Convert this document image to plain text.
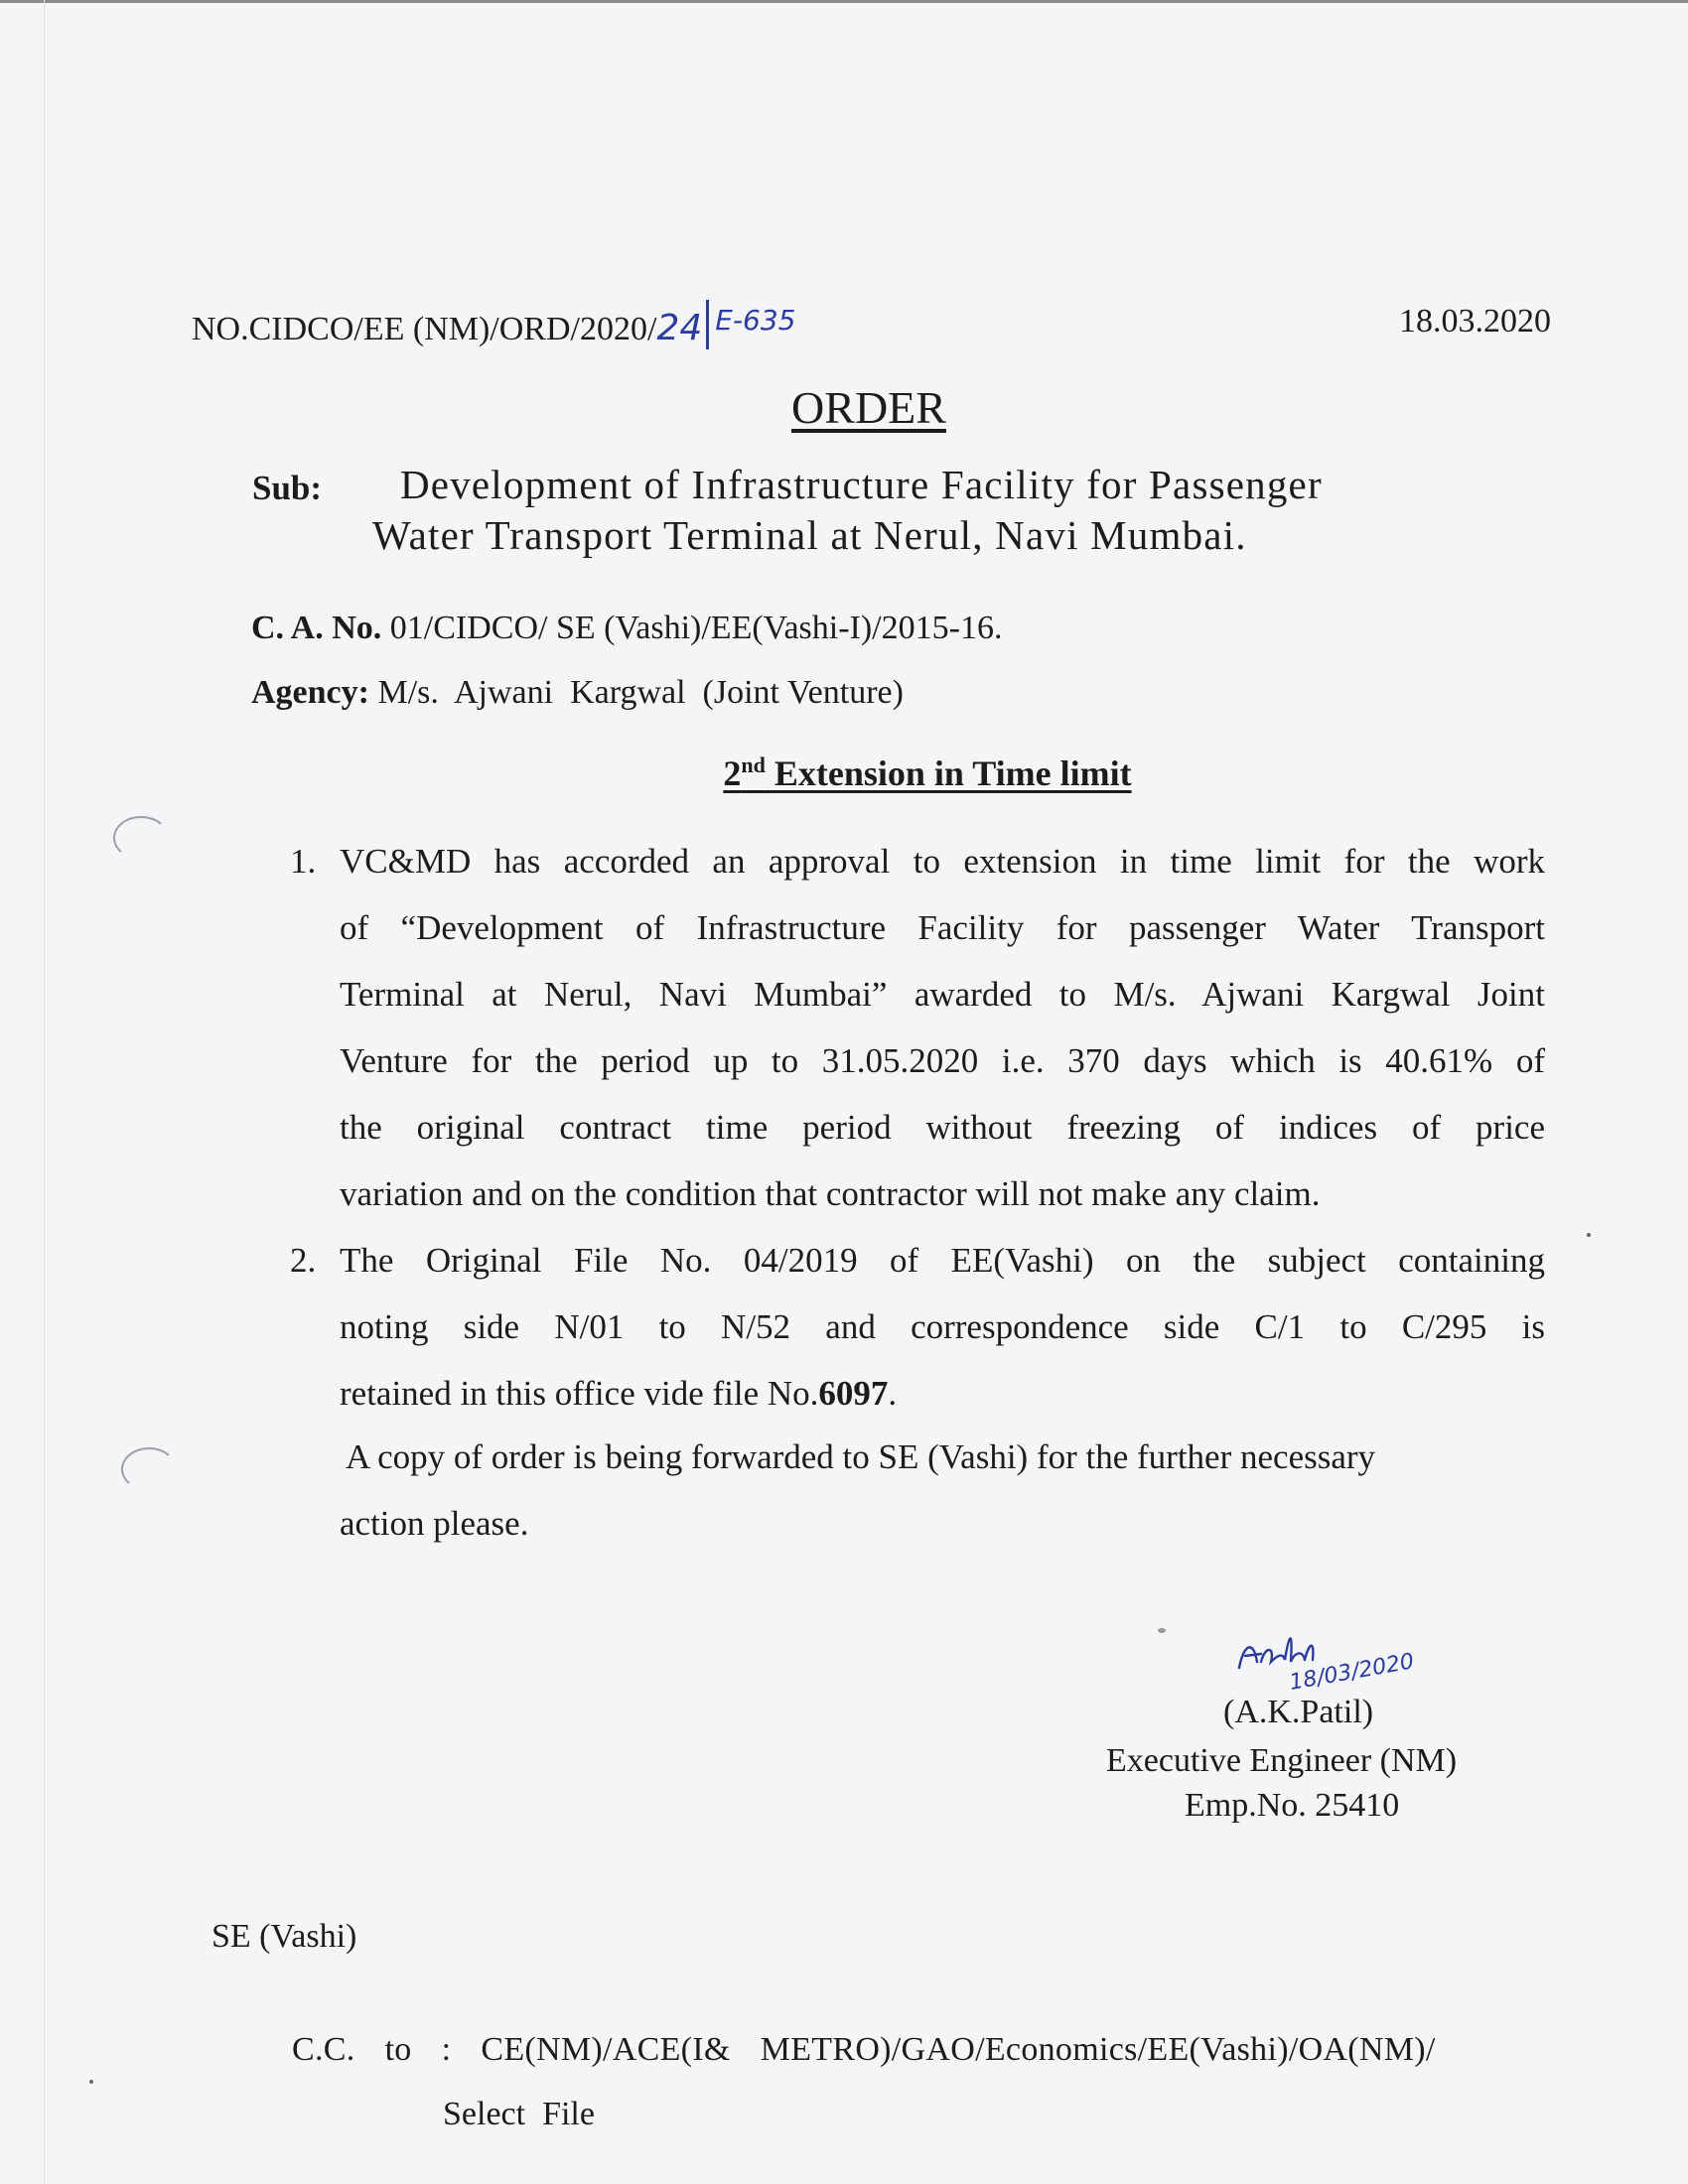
NO.CIDCO/EE (NM)/ORD/2020/24 $^{E-635}$	18.03.2020
ORDER
Sub: Development of Infrastructure Facility for Passenger
Water Transport Terminal at Nerul, Navi Mumbai.
C. A. No. 01/CIDCO/ SE (Vashi)/EE(Vashi-I)/2015-16.
Agency: M/s.  Ajwani  Kargwal  (Joint Venture)
2nd Extension in Time limit
1. VC&MD has accorded an approval to extension in time limit for the work
of “Development of Infrastructure Facility for passenger Water Transport
Terminal at Nerul, Navi Mumbai” awarded to M/s. Ajwani Kargwal Joint
Venture for the period up to 31.05.2020 i.e. 370 days which is 40.61% of
the original contract time period without freezing of indices of price
variation and on the condition that contractor will not make any claim.
2. The Original File No. 04/2019 of EE(Vashi) on the subject containing
noting side N/01 to N/52 and correspondence side C/1 to C/295 is
retained in this office vide file No.6097.
A copy of order is being forwarded to SE (Vashi) for the further necessary
action please.
18/03/2020
(A.K.Patil)
Executive Engineer (NM)
Emp.No. 25410
SE (Vashi)
C.C. to : CE(NM)/ACE(I& METRO)/GAO/Economics/EE(Vashi)/OA(NM)/
Select  File
